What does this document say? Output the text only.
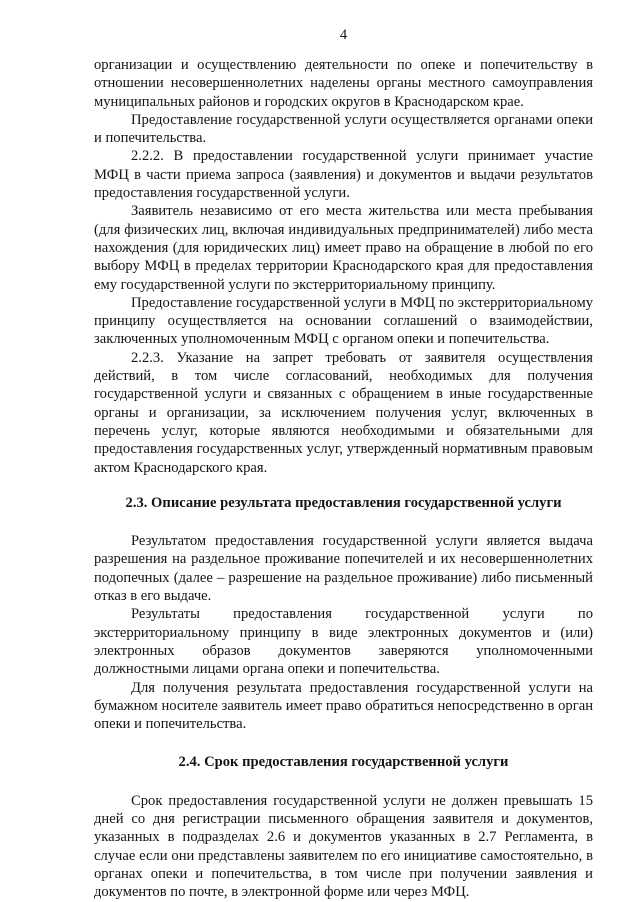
4

организации и осуществлению деятельности по опеке и попечительству в отношении несовершеннолетних наделены органы местного самоуправления муниципальных районов и городских округов в Краснодарском крае.

Предоставление государственной услуги осуществляется органами опеки и попечительства.

2.2.2. В предоставлении государственной услуги принимает участие МФЦ в части приема запроса (заявления) и документов и выдачи результатов предоставления государственной услуги.

Заявитель независимо от его места жительства или места пребывания (для физических лиц, включая индивидуальных предпринимателей) либо места нахождения (для юридических лиц) имеет право на обращение в любой по его выбору МФЦ в пределах территории Краснодарского края для предоставления ему государственной услуги по экстерриториальному принципу.

Предоставление государственной услуги в МФЦ по экстерриториальному принципу осуществляется на основании соглашений о взаимодействии, заключенных уполномоченным МФЦ с органом опеки и попечительства.

2.2.3. Указание на запрет требовать от заявителя осуществления действий, в том числе согласований, необходимых для получения государственной услуги и связанных с обращением в иные государственные органы и организации, за исключением получения услуг, включенных в перечень услуг, которые являются необходимыми и обязательными для предоставления государственных услуг, утвержденный нормативным правовым актом Краснодарского края.

2.3. Описание результата предоставления государственной услуги

Результатом предоставления государственной услуги является выдача разрешения на раздельное проживание попечителей и их несовершеннолетних подопечных (далее – разрешение на раздельное проживание) либо письменный отказ в его выдаче.

Результаты предоставления государственной услуги по экстерриториальному принципу в виде электронных документов и (или) электронных образов документов заверяются уполномоченными должностными лицами органа опеки и попечительства.

Для получения результата предоставления государственной услуги на бумажном носителе заявитель имеет право обратиться непосредственно в орган опеки и попечительства.

2.4. Срок предоставления государственной услуги

Срок предоставления государственной услуги не должен превышать 15 дней со дня регистрации письменного обращения заявителя и документов, указанных в подразделах 2.6 и документов указанных в 2.7 Регламента, в случае если они представлены заявителем по его инициативе самостоятельно, в органах опеки и попечительства, в том числе при получении заявления и документов по почте, в электронной форме или через МФЦ.
